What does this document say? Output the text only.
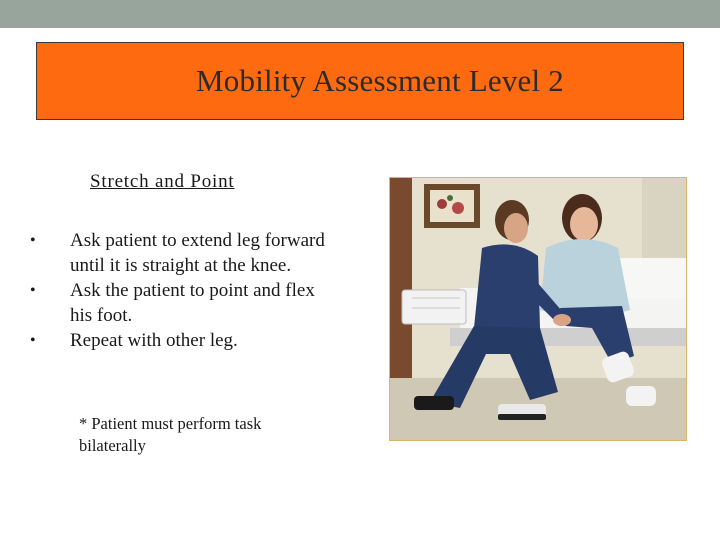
Mobility Assessment Level 2
Stretch and Point
• Ask patient to extend leg forward until it is straight at the knee.
• Ask the patient to point and flex his foot.
• Repeat with other leg.
* Patient must perform task bilaterally
